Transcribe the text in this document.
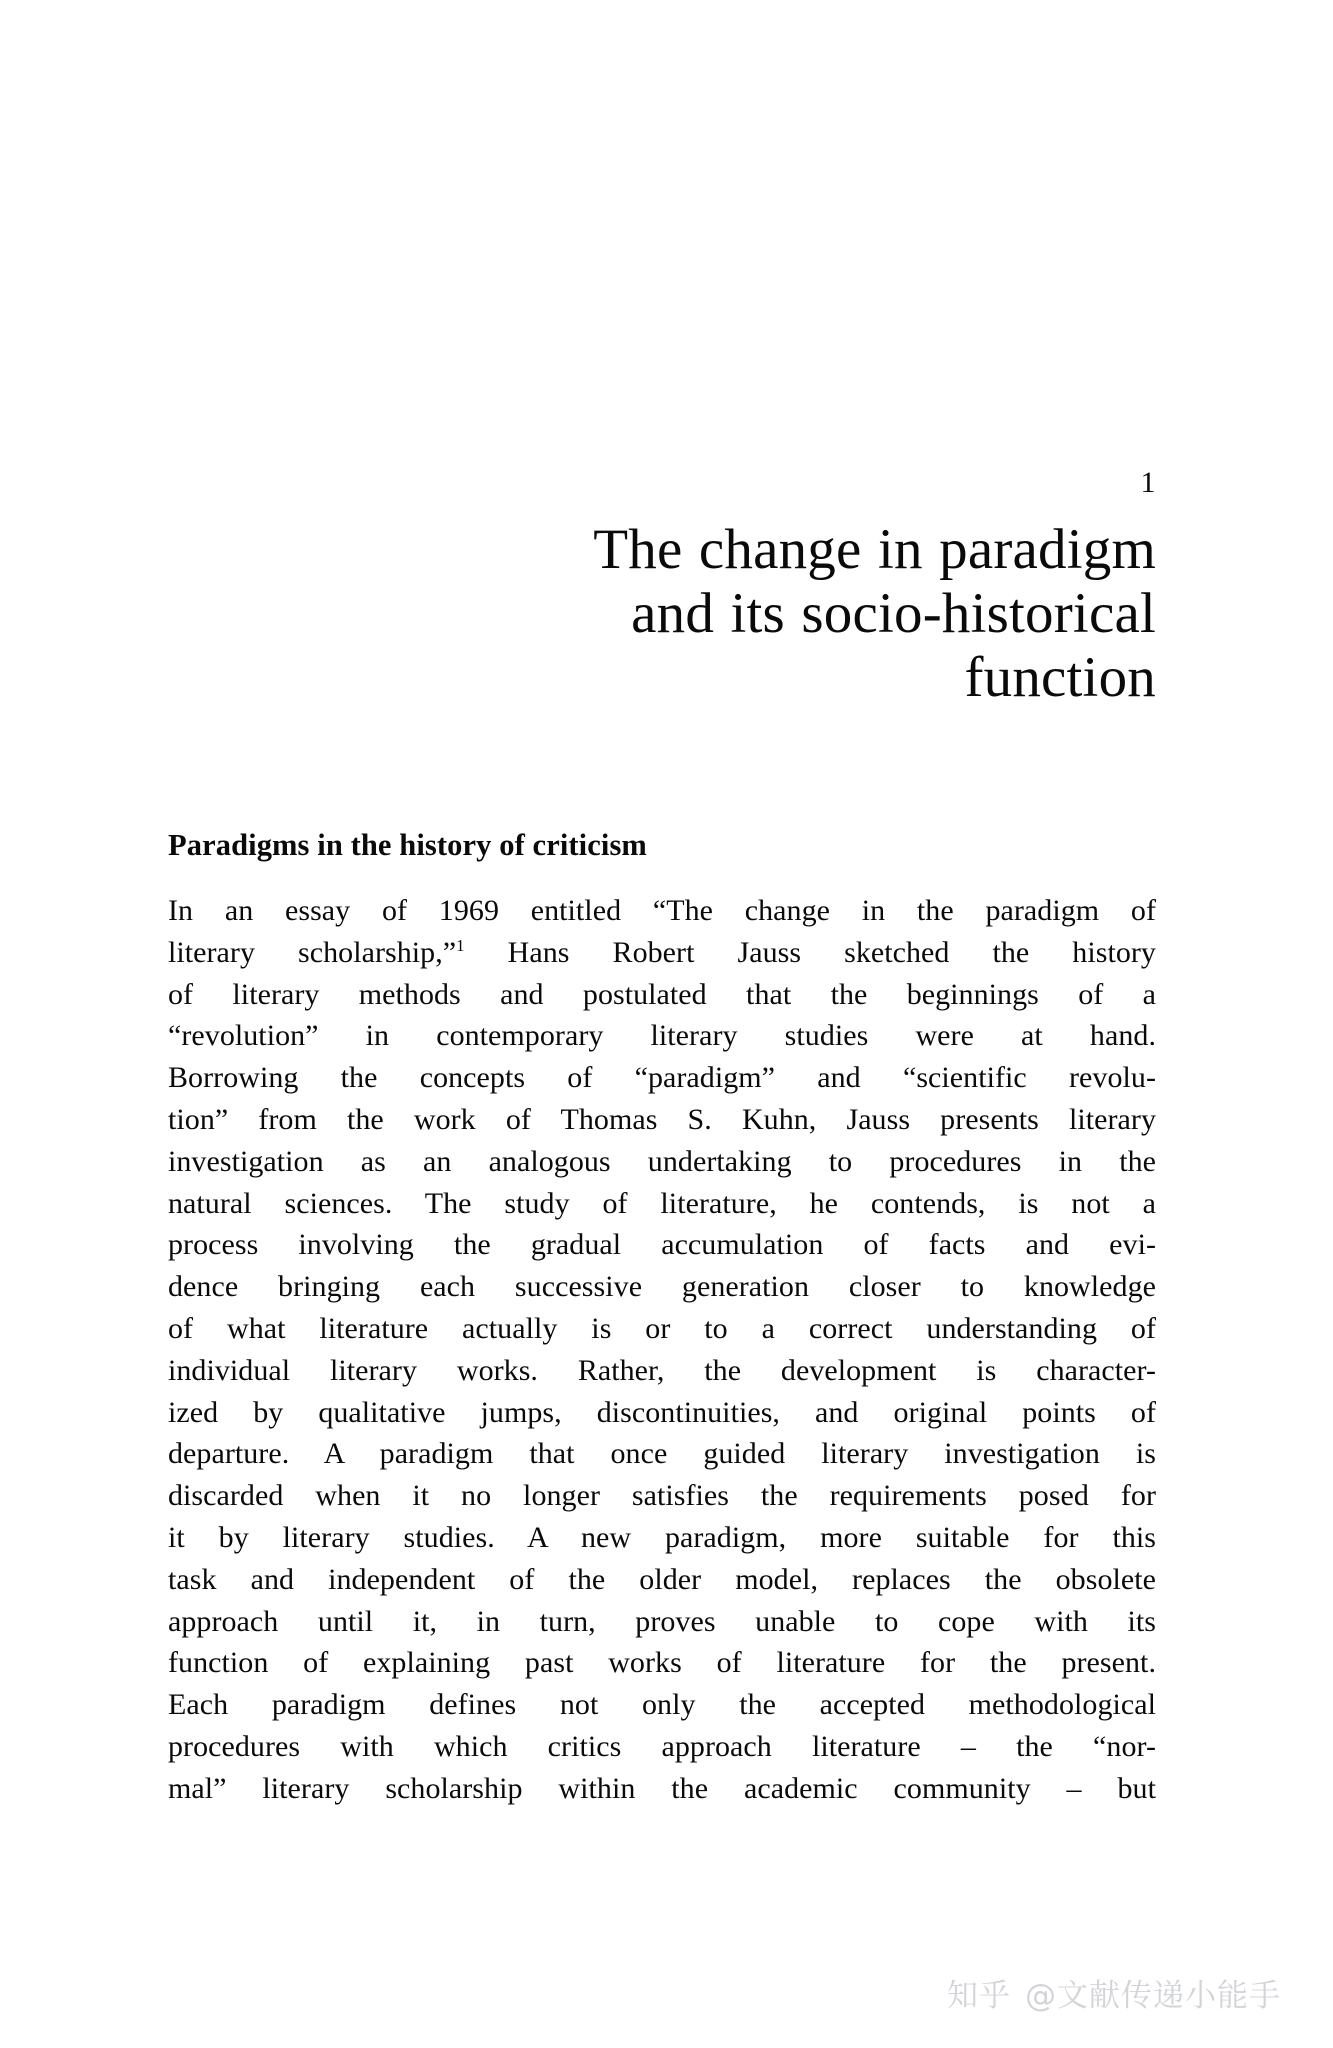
1
The change in paradigm
and its socio-historical
function
Paradigms in the history of criticism
In an essay of 1969 entitled “The change in the paradigm of
literary scholarship,”$^1$ Hans Robert Jauss sketched the history
of literary methods and postulated that the beginnings of a
“revolution” in contemporary literary studies were at hand.
Borrowing the concepts of “paradigm” and “scientific revolu-
tion” from the work of Thomas S. Kuhn, Jauss presents literary
investigation as an analogous undertaking to procedures in the
natural sciences. The study of literature, he contends, is not a
process involving the gradual accumulation of facts and evi-
dence bringing each successive generation closer to knowledge
of what literature actually is or to a correct understanding of
individual literary works. Rather, the development is character-
ized by qualitative jumps, discontinuities, and original points of
departure. A paradigm that once guided literary investigation is
discarded when it no longer satisfies the requirements posed for
it by literary studies. A new paradigm, more suitable for this
task and independent of the older model, replaces the obsolete
approach until it, in turn, proves unable to cope with its
function of explaining past works of literature for the present.
Each paradigm defines not only the accepted methodological
procedures with which critics approach literature – the “nor-
mal” literary scholarship within the academic community – but
知乎 @文献传递小能手
